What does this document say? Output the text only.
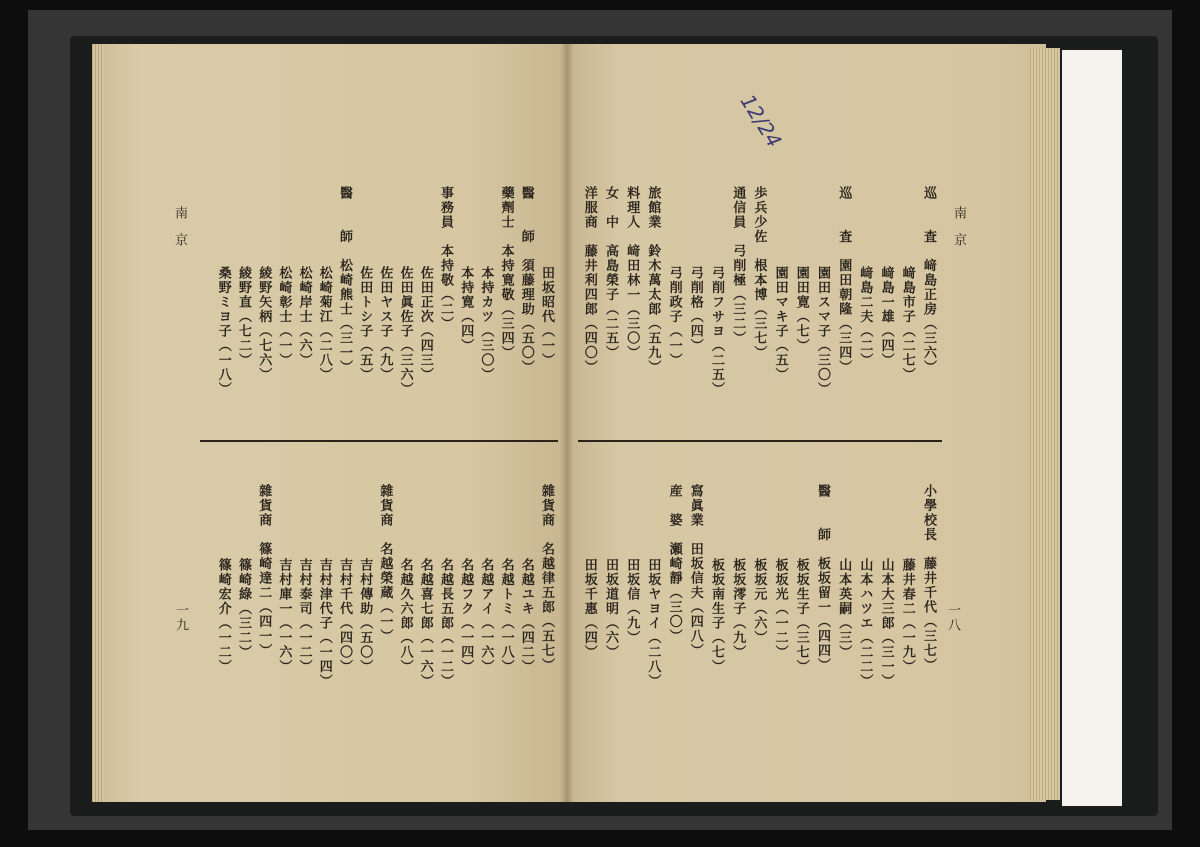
南京
南京
一八
一九
12/24
巡　　査　﨑島正房（三六）
﨑島市子（二七）
﨑島一雄（四）
﨑島二夫（二）
巡　　査　園田朝隆（三四）
園田スマ子（三〇）
園田寛（七）
園田マキ子（五）
歩兵少佐　根本博（三七）
通信員　弓削極（三二）
弓削フサヨ（二五）
弓削格（四）
弓削政子（一）
旅館業　鈴木萬太郎（五九）
料理人　﨑田林一（三〇）
女　中　高島榮子（二五）
洋服商　藤井利四郎（四〇）
小學校長　藤井千代（三七）
藤井春二（一九）
山本大三郎（三一）
山本ハツエ（二二）
山本英嗣（三）
醫　　師　板坂留一（四四）
板坂生子（三七）
板坂光（一二）
板坂元（六）
板坂澪子（九）
板坂南生子（七）
寫眞業　田坂信夫（四八）
産　婆　瀬崎靜（三〇）
田坂ヤヨイ（二八）
田坂信（九）
田坂道明（六）
田坂千惠（四）
田坂昭代（一）
醫　　師　須藤理助（五〇）
藥劑士　本持寛敬（三四）
本持カツ（三〇）
本持寛（四）
事務員　本持敬（二）
佐田正次（四三）
佐田眞佐子（三六）
佐田ヤス子（九）
佐田トシ子（五）
醫　　師　松崎熊士（三一）
松崎菊江（二八）
松崎岸士（六）
松崎彰士（一）
綾野矢柄（七六）
綾野直（七二）
桑野ミヨ子（一八）
雜貨商　名越律五郎（五七）
名越ユキ（四二）
名越トミ（一八）
名越アイ（一六）
名越フク（一四）
名越長五郎（一二）
名越喜七郎（一六）
名越久六郎（八）
雜貨商　名越榮蔵（一）
吉村傳助（五〇）
吉村千代（四〇）
吉村津代子（一四）
吉村泰司（一二）
吉村庫一（一六）
雜貨商　篠崎達二（四一）
篠崎綠（三二）
篠崎宏介（一二）
